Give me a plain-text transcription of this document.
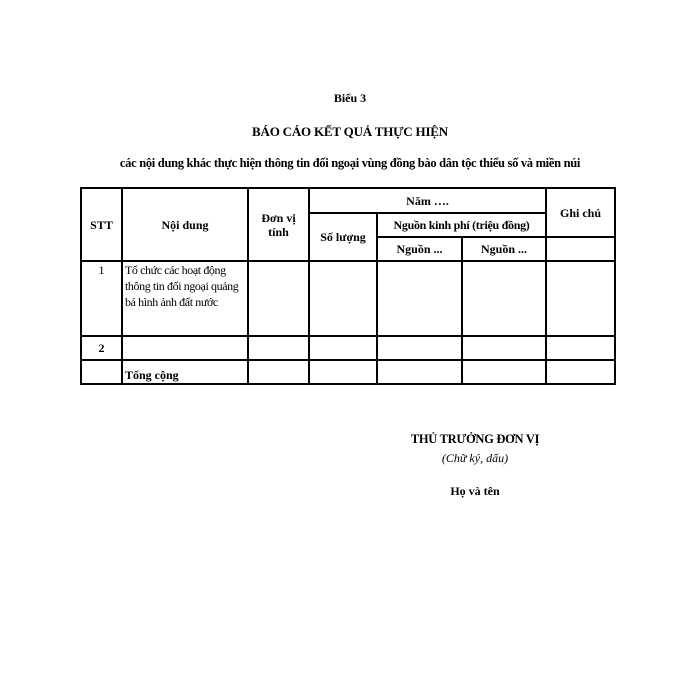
Biểu 3
BÁO CÁO KẾT QUẢ THỰC HIỆN
các nội dung khác thực hiện thông tin đối ngoại vùng đồng bào dân tộc thiểu số và miền núi
STT	Nội dung	Đơn vị tính	Năm ….			Ghi chú
			Số lượng	Nguồn kinh phí (triệu đồng)		
				Nguồn ...	Nguồn ...	
1	Tổ chức các hoạt động thông tin đối ngoại quảng bá hình ảnh đất nước					
2						
	Tổng cộng					
THỦ TRƯỞNG ĐƠN VỊ
(Chữ ký, dấu)
Họ và tên
